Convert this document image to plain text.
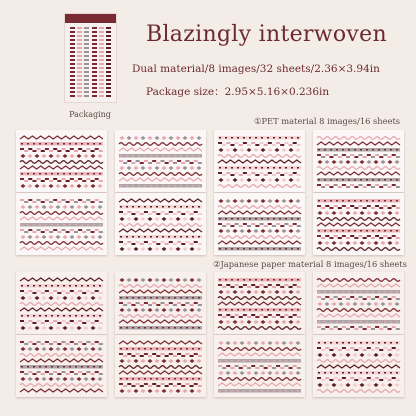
Packaging
Blazingly interwoven
Dual material/8 images/32 sheets/2.36×3.94in
Package size：2.95×5.16×0.236in
①PET material 8 images/16 sheets
②Japanese paper material 8 images/16 sheets
